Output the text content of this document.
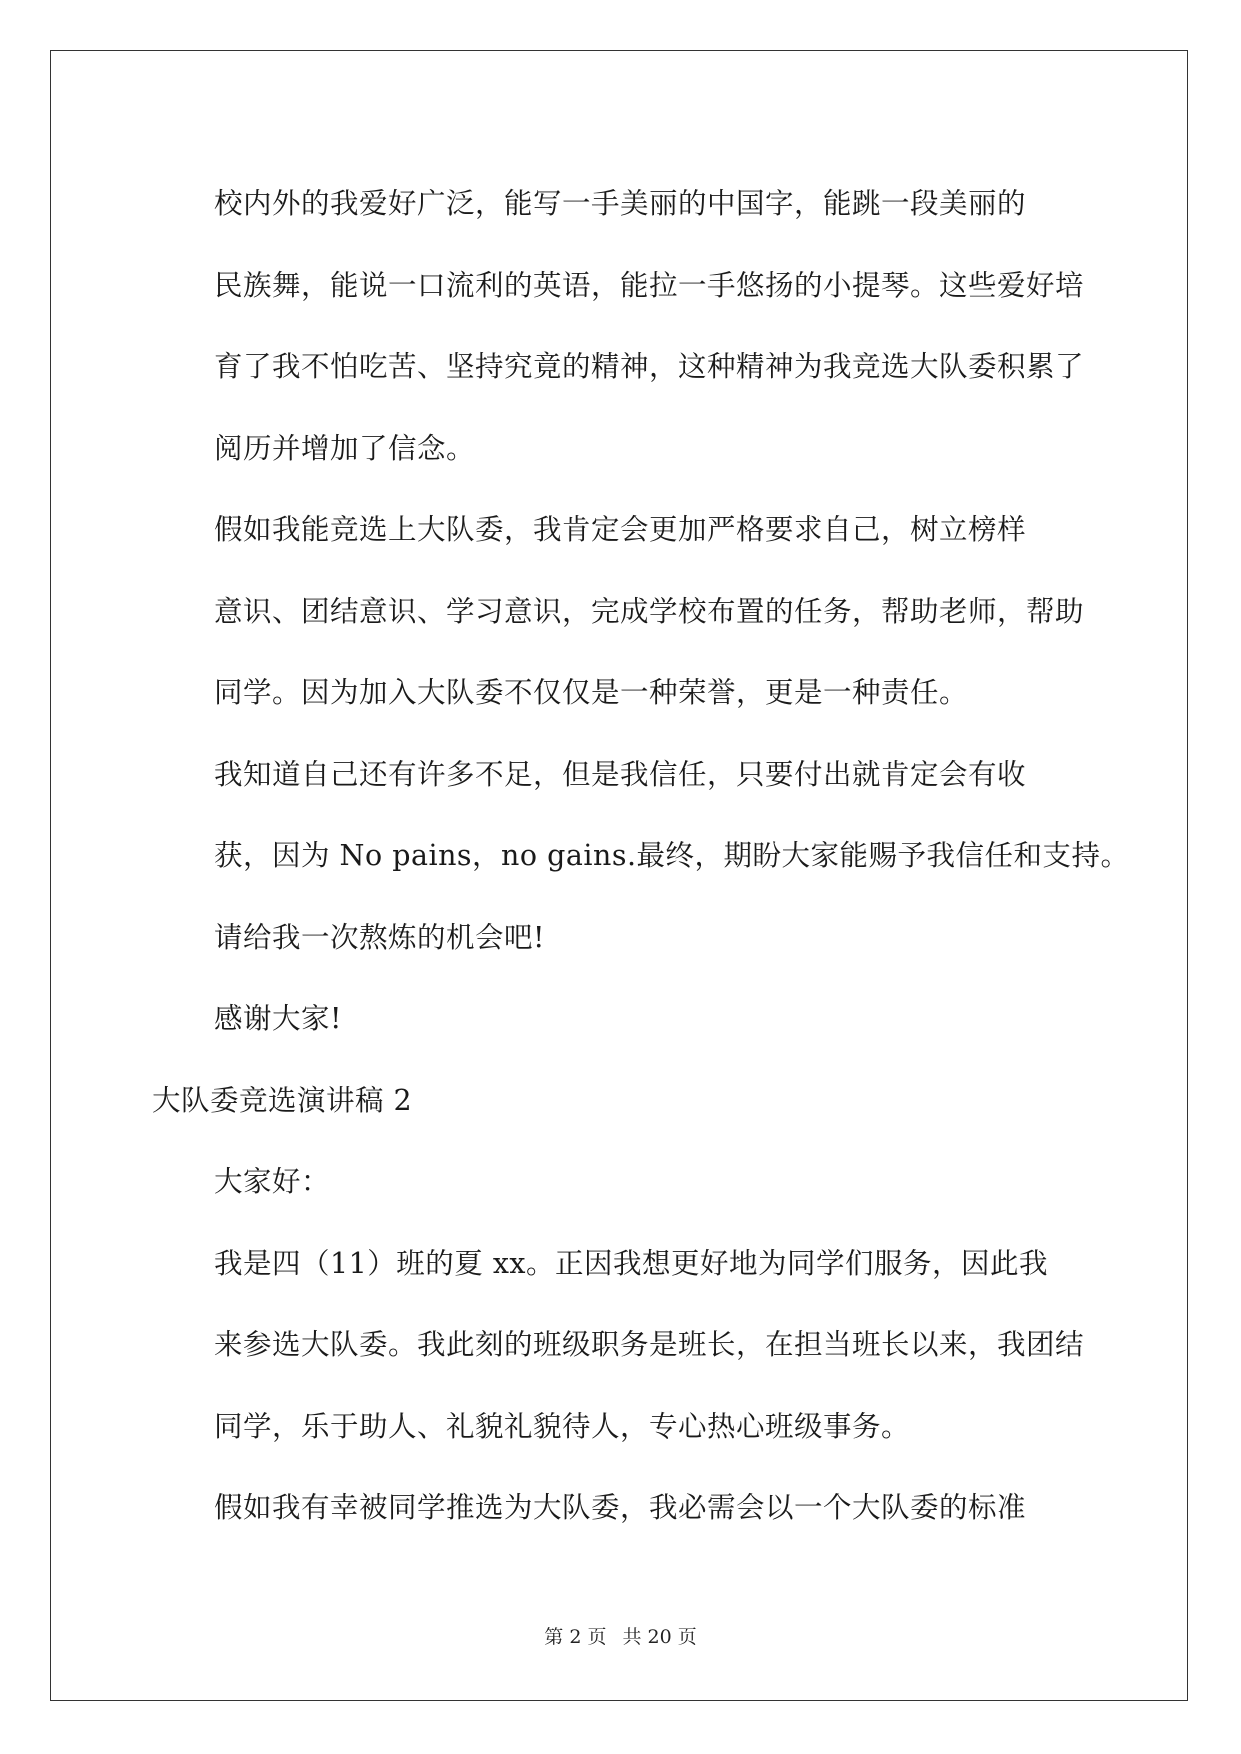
校内外的我爱好广泛，能写一手美丽的中国字，能跳一段美丽的
民族舞，能说一口流利的英语，能拉一手悠扬的小提琴。这些爱好培
育了我不怕吃苦、坚持究竟的精神，这种精神为我竞选大队委积累了
阅历并增加了信念。

假如我能竞选上大队委，我肯定会更加严格要求自己，树立榜样
意识、团结意识、学习意识，完成学校布置的任务，帮助老师，帮助
同学。因为加入大队委不仅仅是一种荣誉，更是一种责任。

我知道自己还有许多不足，但是我信任，只要付出就肯定会有收
获，因为 No pains，no gains.最终，期盼大家能赐予我信任和支持。
请给我一次熬炼的机会吧!

感谢大家!

大队委竞选演讲稿 2

大家好：

我是四（11）班的夏 xx。正因我想更好地为同学们服务，因此我
来参选大队委。我此刻的班级职务是班长，在担当班长以来，我团结
同学，乐于助人、礼貌礼貌待人，专心热心班级事务。

假如我有幸被同学推选为大队委，我必需会以一个大队委的标准

第 2 页 共 20 页
